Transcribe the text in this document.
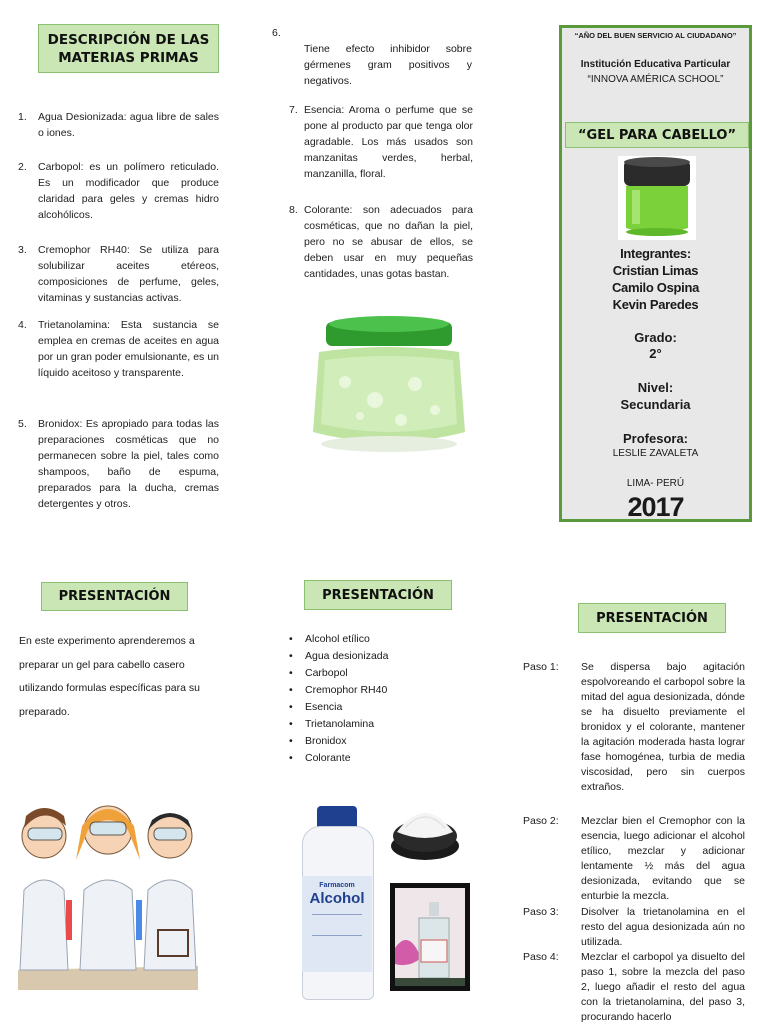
DESCRIPCIÓN DE LAS MATERIAS PRIMAS
1. Agua Desionizada: agua libre de sales o iones.
2. Carbopol: es un polímero reticulado. Es un modificador que produce claridad para geles y cremas hidro alcohólicos.
3. Cremophor RH40: Se utiliza para solubilizar aceites etéreos, composiciones de perfume, geles, vitaminas y sustancias activas.
4. Trietanolamina: Esta sustancia se emplea en cremas de aceites en agua por un gran poder emulsionante, es un líquido aceitoso y transparente.
5. Bronidox: Es apropiado para todas las preparaciones cosméticas que no permanecen sobre la piel, tales como shampoos, baño de espuma, preparados para la ducha, cremas detergentes y otros.
6.
Tiene efecto inhibidor sobre gérmenes gram positivos y negativos.
7. Esencia: Aroma o perfume que se pone al producto par que tenga olor agradable. Los más usados son manzanitas verdes, herbal, manzanilla, floral.
8. Colorante: son adecuados para cosméticas, que no dañan la piel, pero no se abusar de ellos, se deben usar en muy pequeñas cantidades, unas gotas bastan.
“AÑO DEL BUEN SERVICIO AL CIUDADANO”
Institución Educativa Particular
“INNOVA AMÉRICA SCHOOL”
“GEL PARA CABELLO”
Integrantes:
Cristian Limas
Camilo Ospina
Kevin Paredes
Grado:
2°
Nivel:
Secundaria
Profesora:
LESLIE ZAVALETA
LIMA- PERÚ
2017
PRESENTACIÓN
En este experimento aprenderemos a preparar un gel para cabello casero utilizando formulas específicas para su preparado.
PRESENTACIÓN
• Alcohol etílico
• Agua desionizada
• Carbopol
• Cremophor RH40
• Esencia
• Trietanolamina
• Bronidox
• Colorante
Farmacom
Alcohol
PRESENTACIÓN
Paso 1: Se dispersa bajo agitación espolvoreando el carbopol sobre la mitad del agua desionizada, dónde se ha disuelto previamente el bronidox y el colorante, mantener la agitación moderada hasta lograr fase homogénea, turbia de media viscosidad, pero sin cuerpos extraños.
Paso 2: Mezclar bien el Cremophor con la esencia, luego adicionar el alcohol etílico, mezclar y adicionar lentamente ½ más del agua desionizada, evitando que se enturbie la mezcla.
Paso 3: Disolver la trietanolamina en el resto del agua desionizada aún no utilizada.
Paso 4: Mezclar el carbopol ya disuelto del paso 1, sobre la mezcla del paso 2, luego añadir el resto del agua con la trietanolamina, del paso 3, procurando hacerlo
